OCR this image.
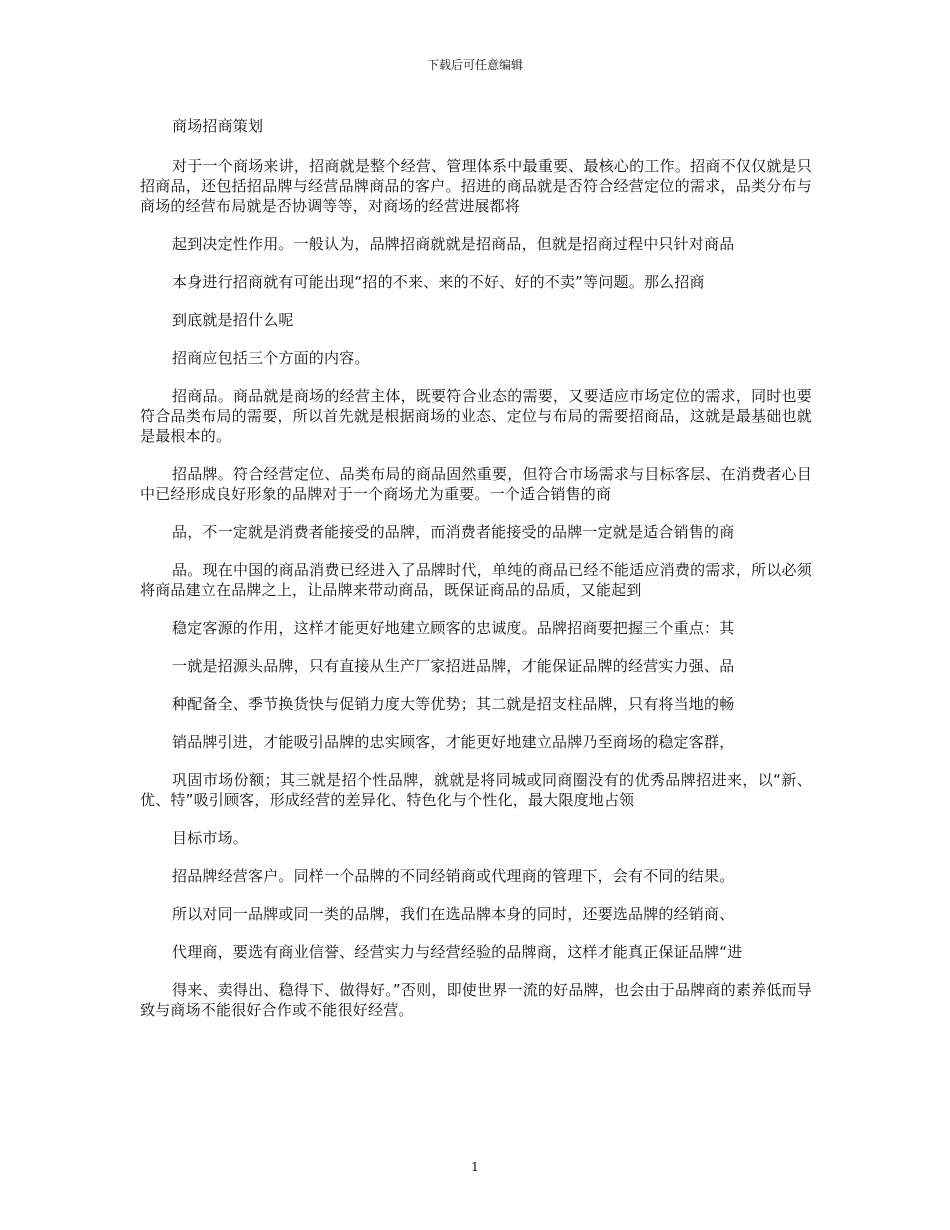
下载后可任意编辑

商场招商策划

对于一个商场来讲，招商就是整个经营、管理体系中最重要、最核心的工作。招商不仅仅就是只招商品，还包括招品牌与经营品牌商品的客户。招进的商品就是否符合经营定位的需求，品类分布与商场的经营布局就是否协调等等，对商场的经营进展都将

起到决定性作用。一般认为，品牌招商就就是招商品，但就是招商过程中只针对商品

本身进行招商就有可能出现“招的不来、来的不好、好的不卖”等问题。那么招商

到底就是招什么呢

招商应包括三个方面的内容。

招商品。商品就是商场的经营主体，既要符合业态的需要，又要适应市场定位的需求，同时也要符合品类布局的需要，所以首先就是根据商场的业态、定位与布局的需要招商品，这就是最基础也就是最根本的。

招品牌。符合经营定位、品类布局的商品固然重要，但符合市场需求与目标客层、在消费者心目中已经形成良好形象的品牌对于一个商场尤为重要。一个适合销售的商

品，不一定就是消费者能接受的品牌，而消费者能接受的品牌一定就是适合销售的商

品。现在中国的商品消费已经进入了品牌时代，单纯的商品已经不能适应消费的需求，所以必须将商品建立在品牌之上，让品牌来带动商品，既保证商品的品质，又能起到

稳定客源的作用，这样才能更好地建立顾客的忠诚度。品牌招商要把握三个重点：其

一就是招源头品牌，只有直接从生产厂家招进品牌，才能保证品牌的经营实力强、品

种配备全、季节换货快与促销力度大等优势；其二就是招支柱品牌，只有将当地的畅

销品牌引进，才能吸引品牌的忠实顾客，才能更好地建立品牌乃至商场的稳定客群，

巩固市场份额；其三就是招个性品牌，就就是将同城或同商圈没有的优秀品牌招进来，以“新、优、特”吸引顾客，形成经营的差异化、特色化与个性化，最大限度地占领

目标市场。

招品牌经营客户。同样一个品牌的不同经销商或代理商的管理下，会有不同的结果。

所以对同一品牌或同一类的品牌，我们在选品牌本身的同时，还要选品牌的经销商、

代理商，要选有商业信誉、经营实力与经营经验的品牌商，这样才能真正保证品牌“进

得来、卖得出、稳得下、做得好。”否则，即使世界一流的好品牌，也会由于品牌商的素养低而导致与商场不能很好合作或不能很好经营。

1
